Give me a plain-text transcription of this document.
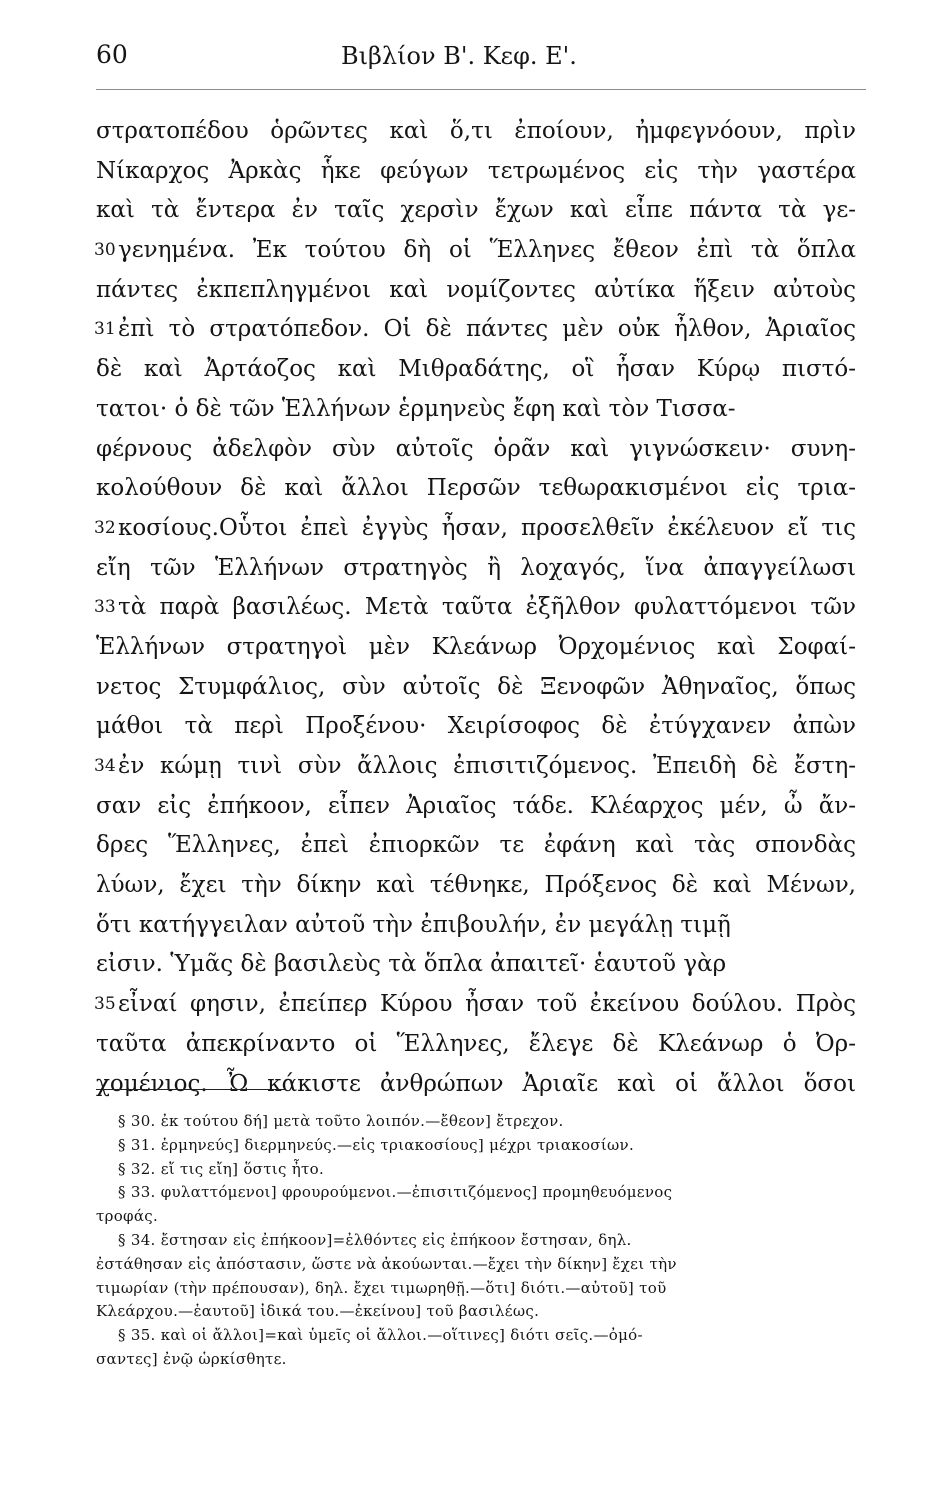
60	Βιβλίον Β'. Κεφ. Ε'.
στρατοπέδου ὁρῶντες καὶ ὅ,τι ἐποίουν, ἠμφεγνόουν, πρὶν
Νίκαρχος Ἀρκὰς ἧκε φεύγων τετρωμένος εἰς τὴν γαστέρα
καὶ τὰ ἔντερα ἐν ταῖς χερσὶν ἔχων καὶ εἶπε πάντα τὰ γε-
30 γενημένα. Ἐκ τούτου δὴ οἱ Ἕλληνες ἔθεον ἐπὶ τὰ ὅπλα
πάντες ἐκπεπληγμένοι καὶ νομίζοντες αὐτίκα ἥξειν αὐτοὺς
31 ἐπὶ τὸ στρατόπεδον. Οἱ δὲ πάντες μὲν οὐκ ἦλθον, Ἀριαῖος
δὲ καὶ Ἀρτάοζος καὶ Μιθραδάτης, οἳ ἦσαν Κύρῳ πιστό-
τατοι· ὁ δὲ τῶν Ἑλλήνων ἑρμηνεὺς ἔφη καὶ τὸν Τισσα-
φέρνους ἀδελφὸν σὺν αὐτοῖς ὁρᾶν καὶ γιγνώσκειν· συνη-
κολούθουν δὲ καὶ ἄλλοι Περσῶν τεθωρακισμένοι εἰς τρια-
32 κοσίους.Οὗτοι ἐπεὶ ἐγγὺς ἦσαν, προσελθεῖν ἐκέλευον εἴ τις
εἴη τῶν Ἑλλήνων στρατηγὸς ἢ λοχαγός, ἵνα ἀπαγγείλωσι
33 τὰ παρὰ βασιλέως. Μετὰ ταῦτα ἐξῆλθον φυλαττόμενοι τῶν
Ἑλλήνων στρατηγοὶ μὲν Κλεάνωρ Ὀρχομένιος καὶ Σοφαί-
νετος Στυμφάλιος, σὺν αὐτοῖς δὲ Ξενοφῶν Ἀθηναῖος, ὅπως
μάθοι τὰ περὶ Προξένου· Χειρίσοφος δὲ ἐτύγχανεν ἀπὼν
34 ἐν κώμῃ τινὶ σὺν ἄλλοις ἐπισιτιζόμενος. Ἐπειδὴ δὲ ἔστη-
σαν εἰς ἐπήκοον, εἶπεν Ἀριαῖος τάδε. Κλέαρχος μέν, ὦ ἄν-
δρες Ἕλληνες, ἐπεὶ ἐπιορκῶν τε ἐφάνη καὶ τὰς σπονδὰς
λύων, ἔχει τὴν δίκην καὶ τέθνηκε, Πρόξενος δὲ καὶ Μένων,
ὅτι κατήγγειλαν αὐτοῦ τὴν ἐπιβουλήν, ἐν μεγάλῃ τιμῇ
εἰσιν. Ὑμᾶς δὲ βασιλεὺς τὰ ὅπλα ἀπαιτεῖ· ἑαυτοῦ γὰρ
35 εἶναί φησιν, ἐπείπερ Κύρου ἦσαν τοῦ ἐκείνου δούλου. Πρὸς
ταῦτα ἀπεκρίναντο οἱ Ἕλληνες, ἔλεγε δὲ Κλεάνωρ ὁ Ὀρ-
χομένιος. Ὦ κάκιστε ἀνθρώπων Ἀριαῖε καὶ οἱ ἄλλοι ὅσοι
§ 30. ἐκ τούτου δή] μετὰ τοῦτο λοιπόν.—ἔθεον] ἔτρεχον.
§ 31. ἑρμηνεύς] διερμηνεύς.—εἰς τριακοσίους] μέχρι τριακοσίων.
§ 32. εἴ τις εἴη] ὅστις ἦτο.
§ 33. φυλαττόμενοι] φρουρούμενοι.—ἐπισιτιζόμενος] προμηθευόμενος
τροφάς.
§ 34. ἔστησαν εἰς ἐπήκοον]=ἐλθόντες εἰς ἐπήκοον ἔστησαν, δηλ.
ἐστάθησαν εἰς ἀπόστασιν, ὥστε νὰ ἀκούωνται.—ἔχει τὴν δίκην] ἔχει τὴν
τιμωρίαν (τὴν πρέπουσαν), δηλ. ἔχει τιμωρηθῇ.—ὅτι] διότι.—αὐτοῦ] τοῦ
Κλεάρχου.—ἑαυτοῦ] ἰδικά του.—ἐκείνου] τοῦ βασιλέως.
§ 35. καὶ οἱ ἄλλοι]=καὶ ὑμεῖς οἱ ἄλλοι.—οἵτινες] διότι σεῖς.—ὀμό-
σαντες] ἐνῷ ὡρκίσθητε.
